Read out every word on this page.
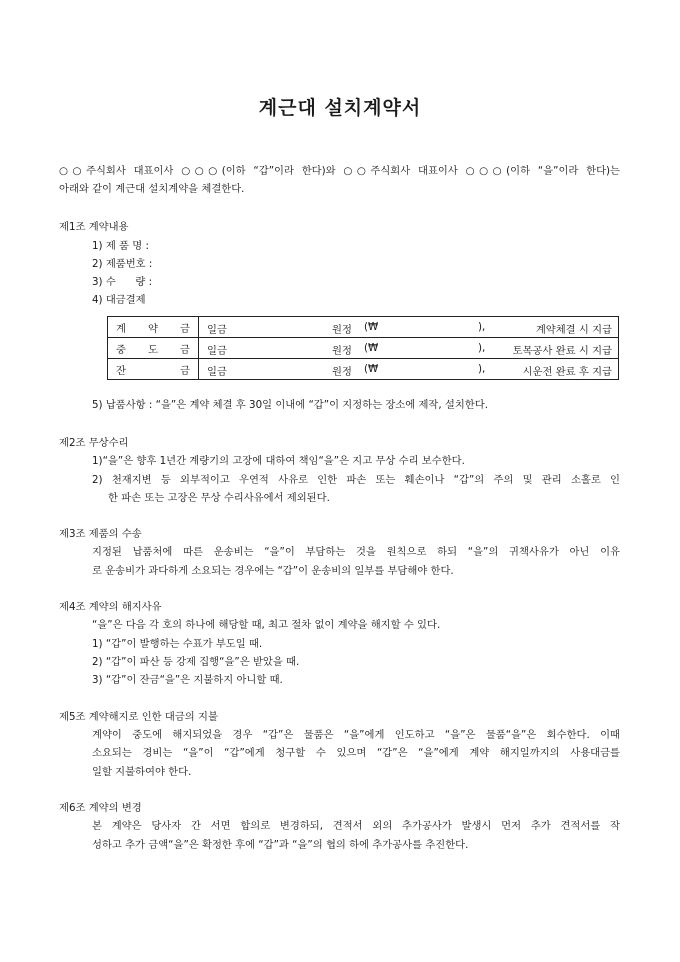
계근대 설치계약서
○○주식회사 대표이사 ○○○(이하 “갑”이라 한다)와 ○○주식회사 대표이사 ○○○(이하 “을”이라 한다)는
아래와 같이 계근대 설치계약을 체결한다.
제1조 계약내용
1) 제 품 명 :
2) 제품번호 :
3) 수      량 :
4) 대금결제
계 약 금	일금 원정 (₩ ), 계약체결 시 지급

중 도 금	일금 원정 (₩ ), 토목공사 완료 시 지급

잔 금	일금 원정 (₩ ), 시운전 완료 후 지급
5) 납품사항 : “을”은 계약 체결 후 30일 이내에 “갑”이 지정하는 장소에 제작, 설치한다.
제2조 무상수리
1)“을”은 향후 1년간 계량기의 고장에 대하여 책임“을”은 지고 무상 수리 보수한다.
2) 천재지변 등 외부적이고 우연적 사유로 인한 파손 또는 훼손이나 “갑”의 주의 및 관리 소홀로 인
한 파손 또는 고장은 무상 수리사유에서 제외된다.
제3조 제품의 수송
지정된 납품처에 따른 운송비는 “을”이 부담하는 것을 원칙으로 하되 “을”의 귀책사유가 아닌 이유
로 운송비가 과다하게 소요되는 경우에는 “갑”이 운송비의 일부를 부담해야 한다.
제4조 계약의 해지사유
“을”은 다음 각 호의 하나에 해당할 때, 최고 절차 없이 계약을 해지할 수 있다.
1) “갑”이 발행하는 수표가 부도일 때.
2) “갑”이 파산 등 강제 집행“을”은 받았을 때.
3) “갑”이 잔금“을”은 지불하지 아니할 때.
제5조 계약해지로 인한 대금의 지불
계약이 중도에 해지되었을 경우 “갑”은 물품은 “을”에게 인도하고 “을”은 물품“을”은 회수한다. 이때
소요되는 경비는 “을”이 “갑”에게 청구할 수 있으며 “갑”은 “을”에게 계약 해지일까지의 사용대금를
일할 지불하여야 한다.
제6조 계약의 변경
본 계약은 당사자 간 서면 합의로 변경하되, 견적서 외의 추가공사가 발생시 먼저 추가 견적서를 작
성하고 추가 금액“을”은 확정한 후에 “갑”과 “을”의 협의 하에 추가공사를 추진한다.
